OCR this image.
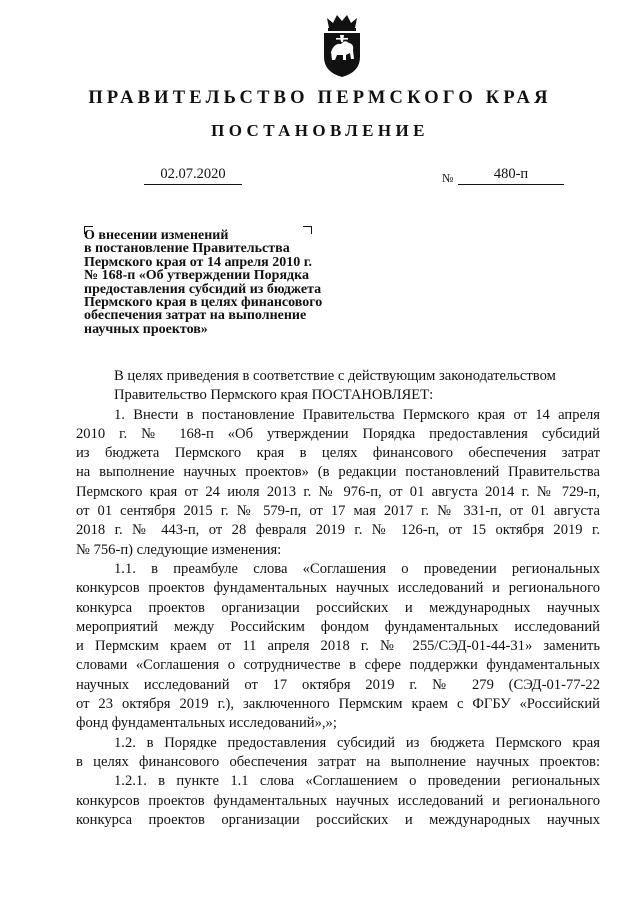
ПРАВИТЕЛЬСТВО ПЕРМСКОГО КРАЯ
ПОСТАНОВЛЕНИЕ
02.07.2020	№	480-п
О внесении изменений
в постановление Правительства
Пермского края от 14 апреля 2010 г.
№ 168-п «Об утверждении Порядка
предоставления субсидий из бюджета
Пермского края в целях финансового
обеспечения затрат на выполнение
научных проектов»
В целях приведения в соответствие с действующим законодательством
Правительство Пермского края ПОСТАНОВЛЯЕТ:
1. Внести в постановление Правительства Пермского края от 14 апреля
2010 г. № 168-п «Об утверждении Порядка предоставления субсидий
из бюджета Пермского края в целях финансового обеспечения затрат
на выполнение научных проектов» (в редакции постановлений Правительства
Пермского края от 24 июля 2013 г. № 976-п, от 01 августа 2014 г. № 729-п,
от 01 сентября 2015 г. № 579-п, от 17 мая 2017 г. № 331-п, от 01 августа
2018 г. № 443-п, от 28 февраля 2019 г. № 126-п, от 15 октября 2019 г.
№ 756-п) следующие изменения:
1.1. в преамбуле слова «Соглашения о проведении региональных
конкурсов проектов фундаментальных научных исследований и регионального
конкурса проектов организации российских и международных научных
мероприятий между Российским фондом фундаментальных исследований
и Пермским краем от 11 апреля 2018 г. № 255/СЭД-01-44-31» заменить
словами «Соглашения о сотрудничестве в сфере поддержки фундаментальных
научных исследований от 17 октября 2019 г. № 279 (СЭД-01-77-22
от 23 октября 2019 г.), заключенного Пермским краем с ФГБУ «Российский
фонд фундаментальных исследований»,»;
1.2. в Порядке предоставления субсидий из бюджета Пермского края
в целях финансового обеспечения затрат на выполнение научных проектов:
1.2.1. в пункте 1.1 слова «Соглашением о проведении региональных
конкурсов проектов фундаментальных научных исследований и регионального
конкурса проектов организации российских и международных научных
